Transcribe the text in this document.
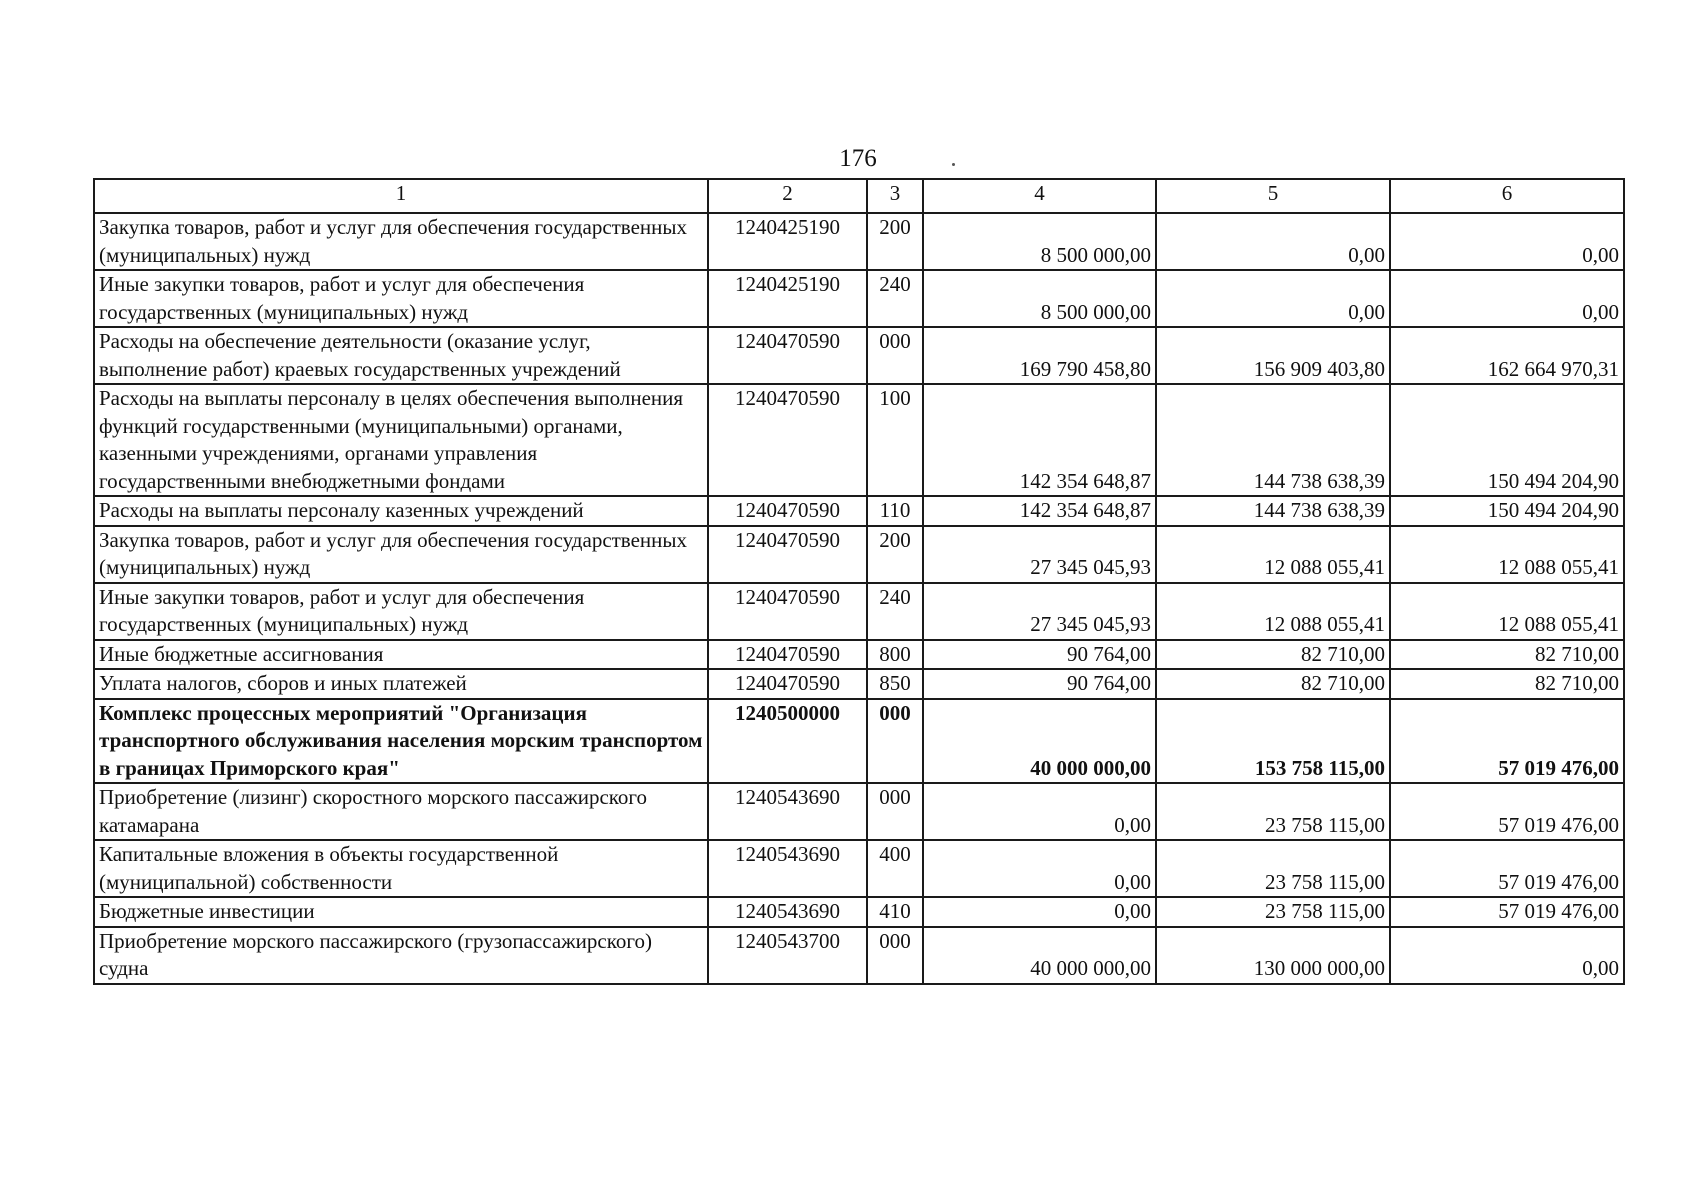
176
1	2	3	4	5	6
Закупка товаров, работ и услуг для обеспечения государственных (муниципальных) нужд	1240425190	200	8 500 000,00	0,00	0,00
Иные закупки товаров, работ и услуг для обеспечения государственных (муниципальных) нужд	1240425190	240	8 500 000,00	0,00	0,00
Расходы на обеспечение деятельности (оказание услуг, выполнение работ) краевых государственных учреждений	1240470590	000	169 790 458,80	156 909 403,80	162 664 970,31
Расходы на выплаты персоналу в целях обеспечения выполнения функций государственными (муниципальными) органами, казенными учреждениями, органами управления государственными внебюджетными фондами	1240470590	100	142 354 648,87	144 738 638,39	150 494 204,90
Расходы на выплаты персоналу казенных учреждений	1240470590	110	142 354 648,87	144 738 638,39	150 494 204,90
Закупка товаров, работ и услуг для обеспечения государственных (муниципальных) нужд	1240470590	200	27 345 045,93	12 088 055,41	12 088 055,41
Иные закупки товаров, работ и услуг для обеспечения государственных (муниципальных) нужд	1240470590	240	27 345 045,93	12 088 055,41	12 088 055,41
Иные бюджетные ассигнования	1240470590	800	90 764,00	82 710,00	82 710,00
Уплата налогов, сборов и иных платежей	1240470590	850	90 764,00	82 710,00	82 710,00
Комплекс процессных мероприятий "Организация транспортного обслуживания населения морским транспортом в границах Приморского края"	1240500000	000	40 000 000,00	153 758 115,00	57 019 476,00
Приобретение (лизинг) скоростного морского пассажирского катамарана	1240543690	000	0,00	23 758 115,00	57 019 476,00
Капитальные вложения в объекты государственной (муниципальной) собственности	1240543690	400	0,00	23 758 115,00	57 019 476,00
Бюджетные инвестиции	1240543690	410	0,00	23 758 115,00	57 019 476,00
Приобретение морского пассажирского (грузопассажирского) судна	1240543700	000	40 000 000,00	130 000 000,00	0,00
